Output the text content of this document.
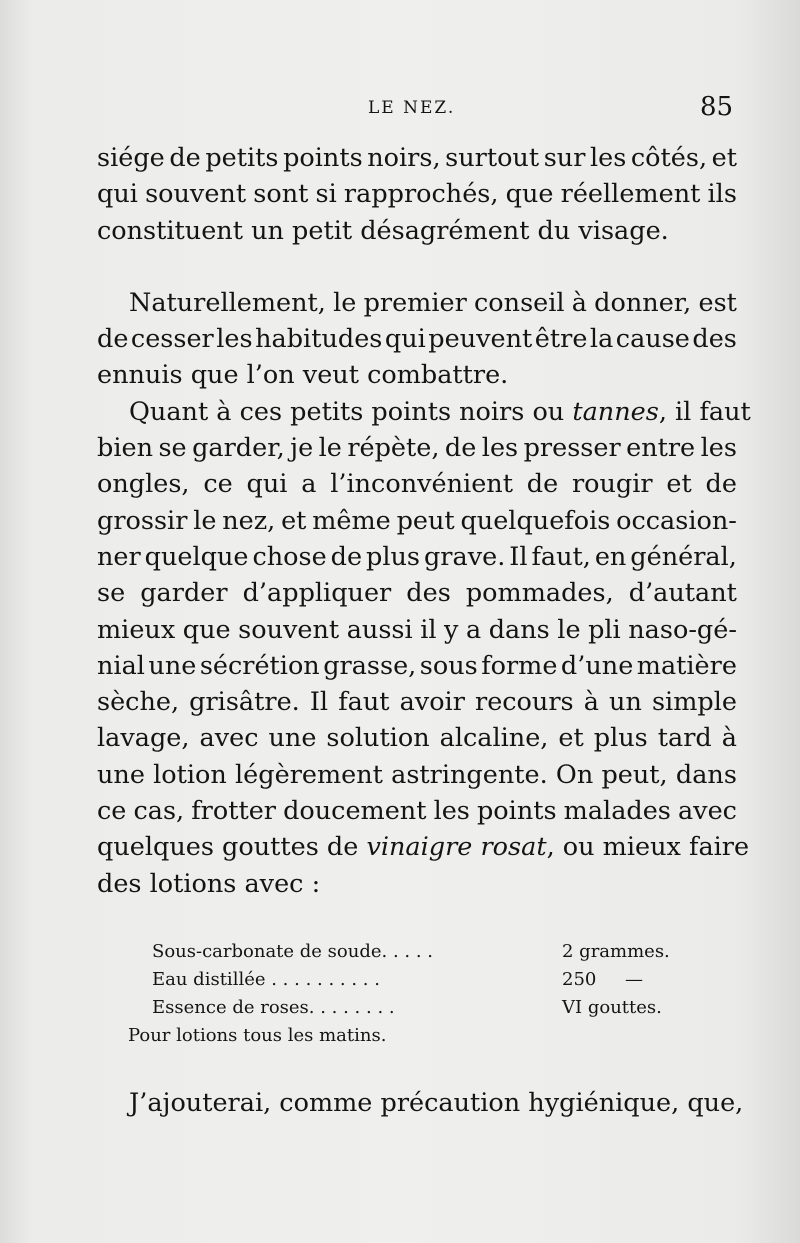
LE NEZ.	85
siége de petits points noirs, surtout sur les côtés, et
qui souvent sont si rapprochés, que réellement ils
constituent un petit désagrément du visage.
Naturellement, le premier conseil à donner, est
de cesser les habitudes qui peuvent être la cause des
ennuis que l’on veut combattre.
Quant à ces petits points noirs ou
tannes , il faut
bien se garder, je le répète, de les presser entre les
ongles, ce qui a l’inconvénient de rougir et de
grossir le nez, et même peut quelquefois occasion-
ner quelque chose de plus grave. Il faut, en général,
se garder d’appliquer des pommades, d’autant
mieux que souvent aussi il y a dans le pli naso-gé-
nial une sécrétion grasse, sous forme d’une matière
sèche, grisâtre. Il faut avoir recours à un simple
lavage, avec une solution alcaline, et plus tard à
une lotion légèrement astringente. On peut, dans
ce cas, frotter doucement les points malades avec
quelques gouttes de
vinaigre rosat , ou mieux faire
des lotions avec :
Sous-carbonate de soude. . . . .	2 grammes.
Eau distillée . . . . . . . . . .	250     —
Essence de roses. . . . . . . .	VI gouttes.
Pour lotions tous les matins.
J’ajouterai, comme précaution hygiénique, que,
